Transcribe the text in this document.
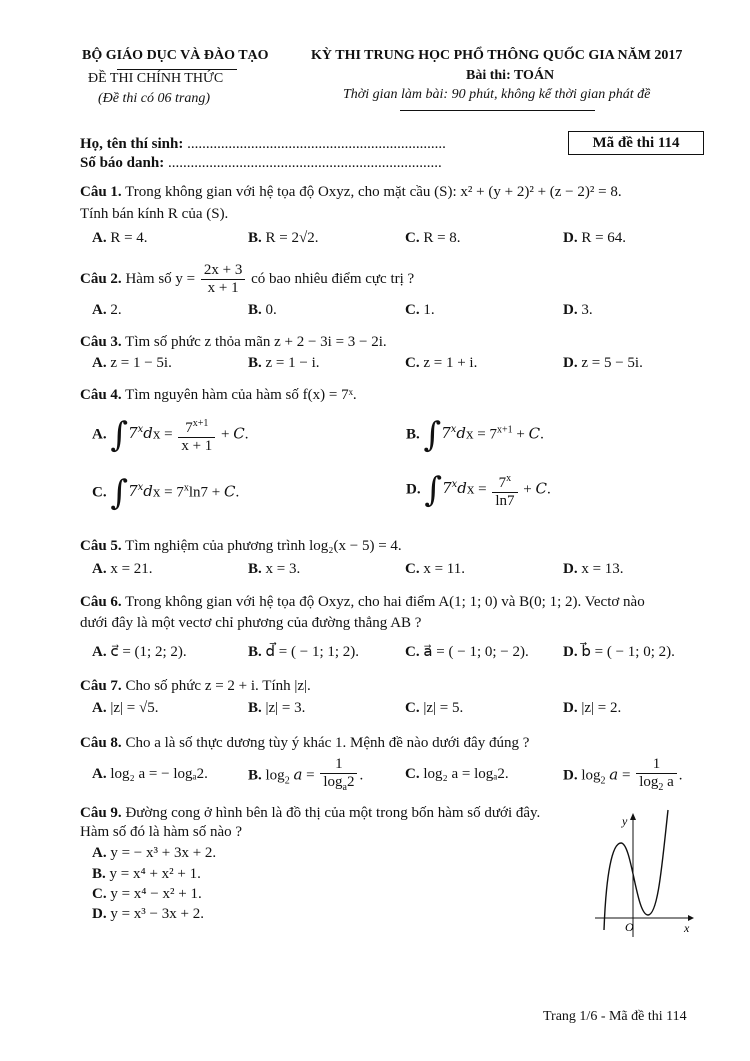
BỘ GIÁO DỤC VÀ ĐÀO TẠO
ĐỀ THI CHÍNH THỨC
(Đề thi có 06 trang)
KỲ THI TRUNG HỌC PHỔ THÔNG QUỐC GIA NĂM 2017
Bài thi: TOÁN
Thời gian làm bài: 90 phút, không kể thời gian phát đề
Họ, tên thí sinh: .....................................................................
Số báo danh: .........................................................................
Mã đề thi 114
Câu 1. Trong không gian với hệ tọa độ Oxyz, cho mặt cầu (S): x² + (y + 2)² + (z − 2)² = 8.
Tính bán kính R của (S).
A. R = 4.	B. R = 2√2.	C. R = 8.	D. R = 64.
Câu 2. Hàm số $y = \frac{2x + 3}{x + 1}$ có bao nhiêu điểm cực trị ?
A. 2.	B. 0.	C. 1.	D. 3.
Câu 3. Tìm số phức z thỏa mãn z + 2 − 3i = 3 − 2i.
A. z = 1 − 5i.	B. z = 1 − i.	C. z = 1 + i.	D. z = 5 − 5i.
Câu 4. Tìm nguyên hàm của hàm số f(x) = 7ˣ.
A. $\int 7^xdx = \frac{7^{x+1}}{x + 1} + C$.	B. $\int 7^xdx = 7^{x+1} + C$.
C. $\int 7^xdx = 7^x\ln 7 + C$.	D. $\int 7^xdx = \frac{7^x}{\ln 7} + C$.
Câu 5. Tìm nghiệm của phương trình log₂(x − 5) = 4.
A. x = 21.	B. x = 3.	C. x = 11.	D. x = 13.
Câu 6. Trong không gian với hệ tọa độ Oxyz, cho hai điểm A(1; 1; 0) và B(0; 1; 2). Vectơ nào
dưới đây là một vectơ chỉ phương của đường thẳng AB ?
A. c⃗ = (1; 2; 2).	B. d⃗ = ( − 1; 1; 2).	C. a⃗ = ( − 1; 0; − 2). D. b⃗ = ( − 1; 0; 2).
Câu 7. Cho số phức z = 2 + i. Tính |z|.
A. |z| = √5.	B. |z| = 3.	C. |z| = 5.	D. |z| = 2.
Câu 8. Cho a là số thực dương tùy ý khác 1. Mệnh đề nào dưới đây đúng ?
A. log₂ a = − logₐ2.	B. $\log_2 a = \frac{1}{\log_a2}$ .	C. log₂ a = logₐ2.	D. $\log_2 a = \frac{1}{\log_2 a}$ .
Câu 9. Đường cong ở hình bên là đồ thị của một trong bốn hàm số dưới đây.
Hàm số đó là hàm số nào ?
A. y = − x³ + 3x + 2.
B. y = x⁴ + x² + 1.
C. y = x⁴ − x² + 1.
D. y = x³ − 3x + 2.
y
O	x
Trang 1/6 - Mã đề thi 114
